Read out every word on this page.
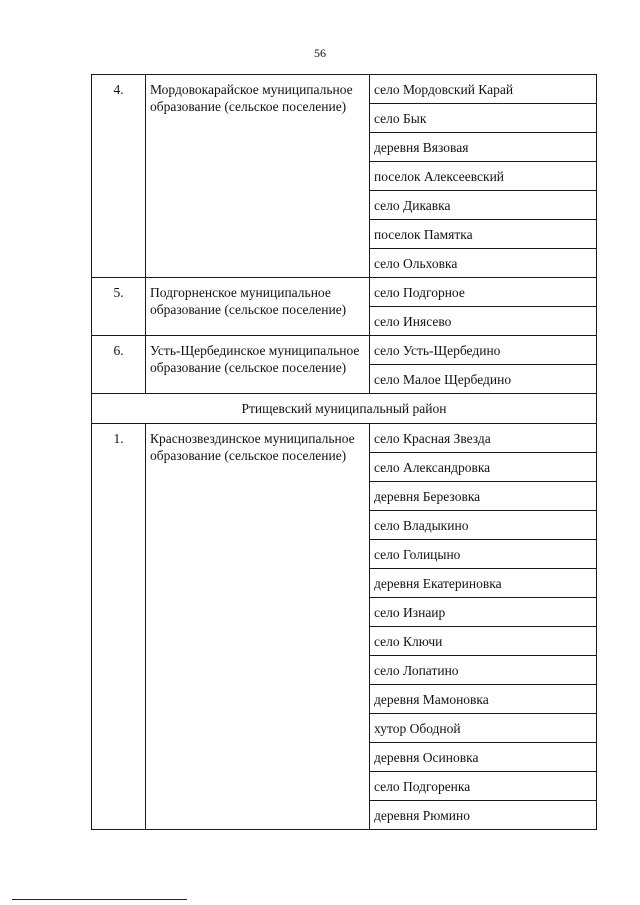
56
4.	Мордовокарайское муниципальное образование (сельское поселение)	село Мордовский Карай
		село Бык
		деревня Вязовая
		поселок Алексеевский
		село Дикавка
		поселок Памятка
		село Ольховка
5.	Подгорненское муниципальное образование (сельское поселение)	село Подгорное
		село Инясево
6.	Усть-Щербединское муниципальное образование (сельское поселение)	село Усть-Щербедино
		село Малое Щербедино
Ртищевский муниципальный район		
1.	Краснозвездинское муниципальное образование (сельское поселение)	село Красная Звезда
		село Александровка
		деревня Березовка
		село Владыкино
		село Голицыно
		деревня Екатериновка
		село Изнаир
		село Ключи
		село Лопатино
		деревня Мамоновка
		хутор Ободной
		деревня Осиновка
		село Подгоренка
		деревня Рюмино
